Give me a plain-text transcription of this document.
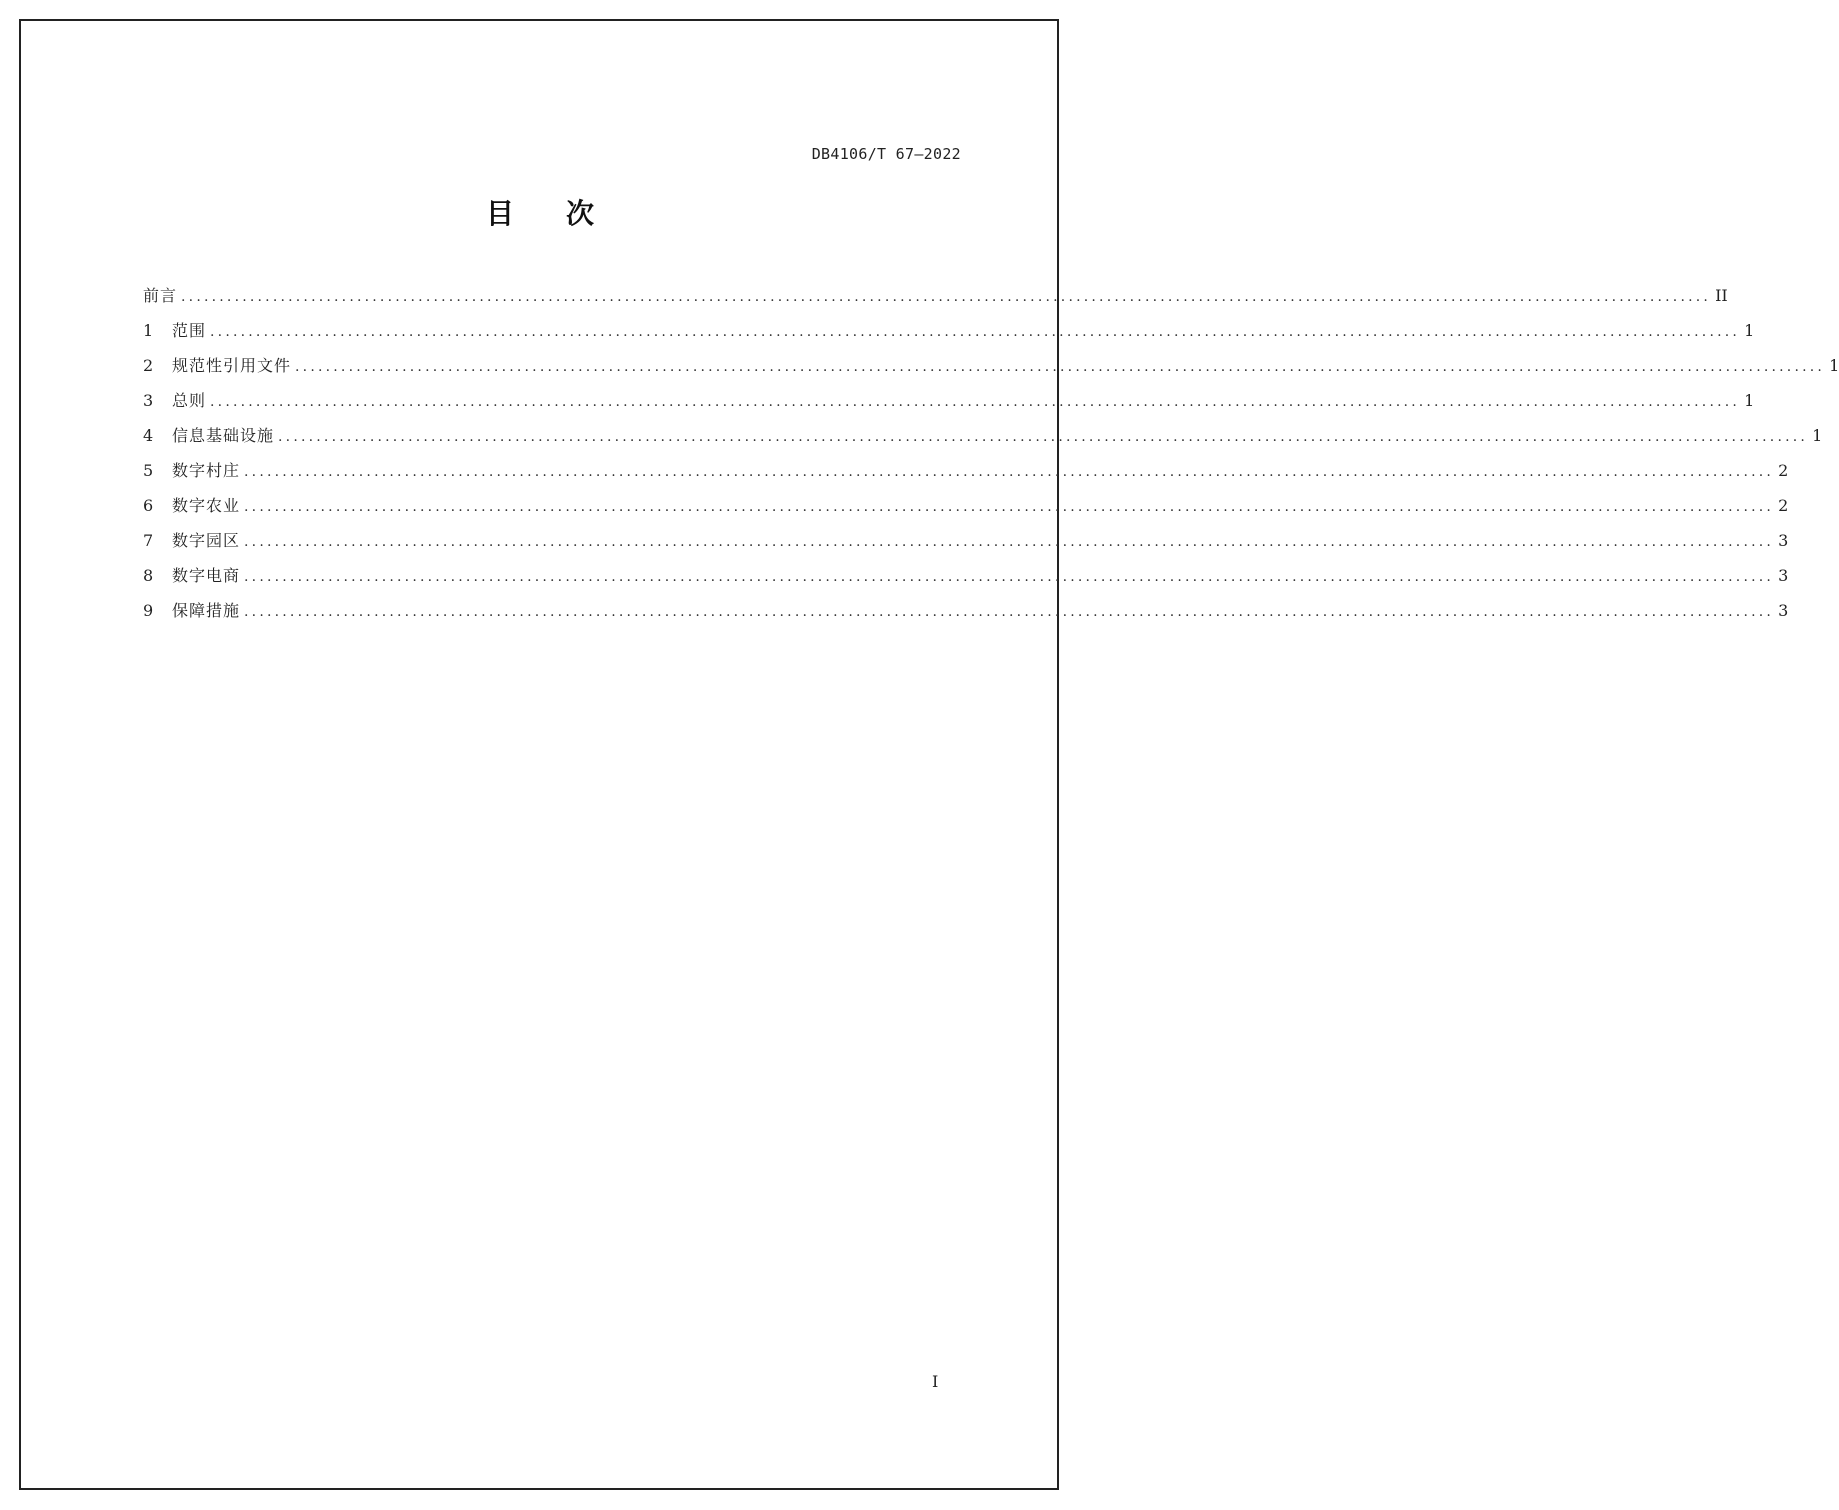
DB4106/T 67—2022
目次
前言 ........................................................................................................................................................................................................ II
1	范围 ........................................................................................................................................................................................................ 1
2	规范性引用文件 ........................................................................................................................................................................................................ 1
3	总则 ........................................................................................................................................................................................................ 1
4	信息基础设施 ........................................................................................................................................................................................................ 1
5	数字村庄 ........................................................................................................................................................................................................ 2
6	数字农业 ........................................................................................................................................................................................................ 2
7	数字园区 ........................................................................................................................................................................................................ 3
8	数字电商 ........................................................................................................................................................................................................ 3
9	保障措施 ........................................................................................................................................................................................................ 3
I
